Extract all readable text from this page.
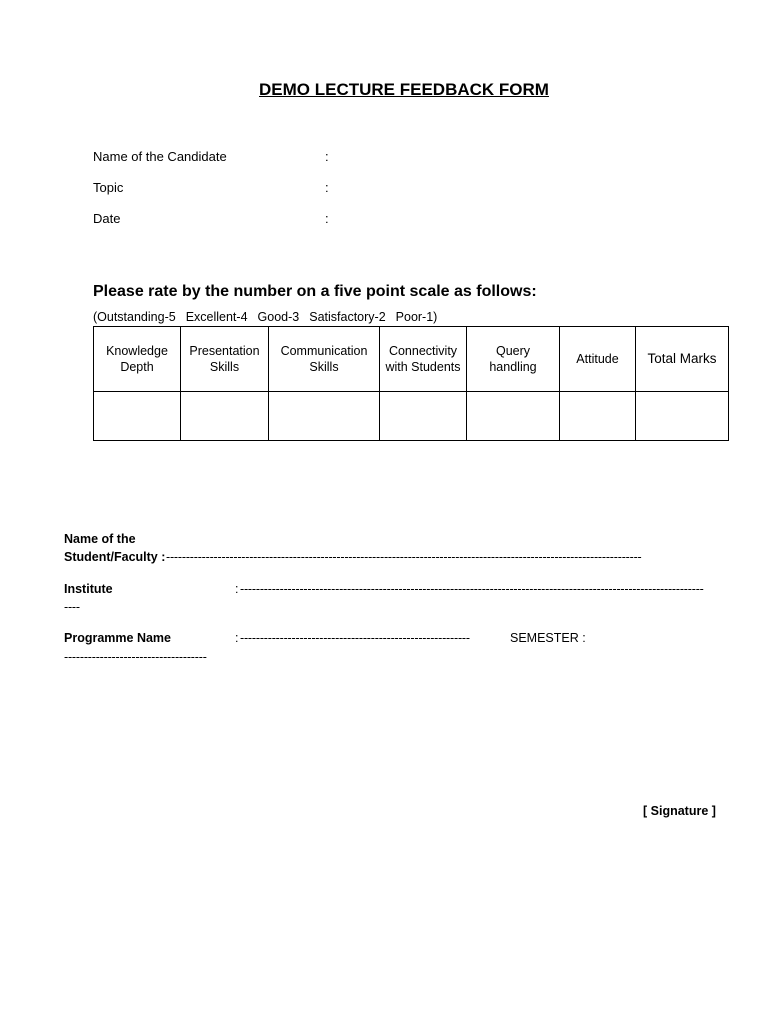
DEMO LECTURE FEEDBACK FORM
Name of the Candidate	:
Topic	:
Date	:
Please rate by the number on a five point scale as follows:
(Outstanding-5 Excellent-4 Good-3 Satisfactory-2 Poor-1)
Knowledge Depth	Presentation Skills	Communication Skills	Connectivity with Students	Query handling	Attitude	Total Marks

Name of the
Student/Faculty : ------------------------------------------------------------------------------------------------------------------------
Institute	: ---------------------------------------------------------------------------------------------------------------------
----
Programme Name	: ----------------------------------------------------------	SEMESTER :
------------------------------------
[ Signature ]
